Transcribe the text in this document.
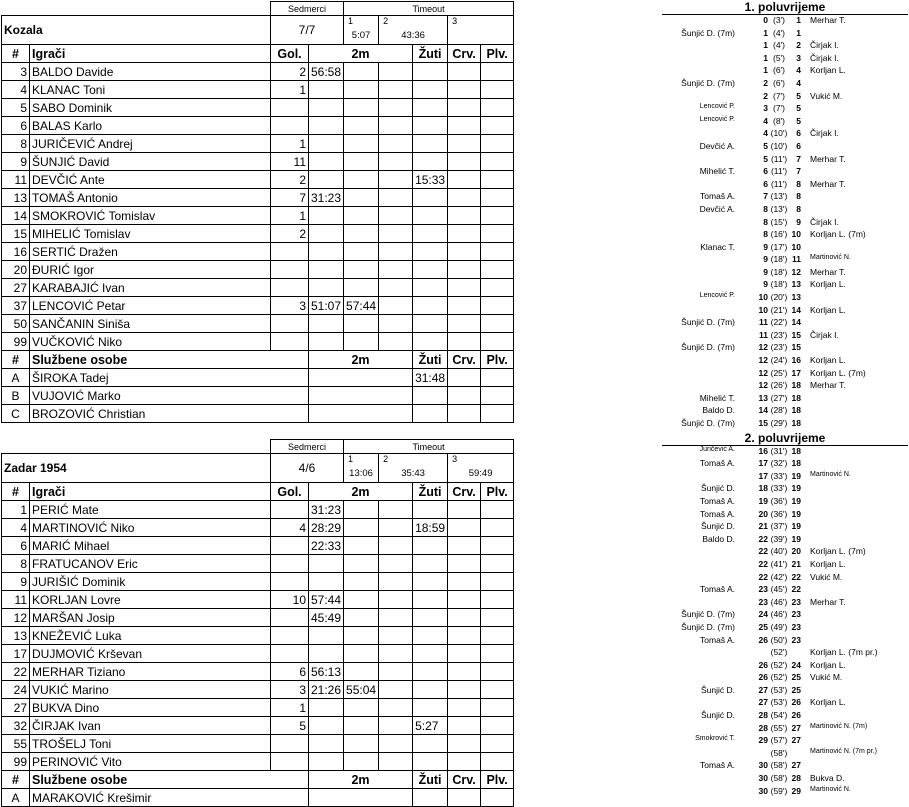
		Sedmerci		Timeout				
Kozala		7/7		1
5:07	2
43:36		3	

#	Igrači	Gol.	2m			Žuti	Crv.	Plv.
3	BALDO Davide	2	56:58					
4	KLANAC Toni	1						
5	SABO Dominik							
6	BALAS Karlo							
8	JURIČEVIĆ Andrej	1						
9	ŠUNJIĆ David	11						
11	DEVČIĆ Ante	2				15:33		
13	TOMAŠ Antonio	7	31:23					
14	SMOKROVIĆ Tomislav	1						
15	MIHELIĆ Tomislav	2						
16	SERTIĆ Dražen							
20	ĐURIĆ Igor							
27	KARABAJIĆ Ivan							
37	LENCOVIĆ Petar	3	51:07	57:44				
50	SANČANIN Siniša							
99	VUČKOVIĆ Niko							
#	Službene osobe		2m			Žuti	Crv.	Plv.
A	ŠIROKA Tadej					31:48		
B	VUJOVIĆ Marko							
C	BROZOVIĆ Christian							
		Sedmerci		Timeout				
Zadar 1954		4/6		1
13:06	2
35:43		3
59:49	

#	Igrači	Gol.	2m			Žuti	Crv.	Plv.
1	PERIĆ Mate		31:23					
4	MARTINOVIĆ Niko	4	28:29			18:59		
6	MARIĆ Mihael		22:33					
8	FRATUCANOV Eric							
9	JURIŠIĆ Dominik							
11	KORLJAN Lovre	10	57:44					
12	MARŠAN Josip		45:49					
13	KNEŽEVIĆ Luka							
17	DUJMOVIĆ Krševan							
22	MERHAR Tiziano	6	56:13					
24	VUKIĆ Marino	3	21:26	55:04				
27	BUKVA Dino	1						
32	ČIRJAK Ivan	5				5:27		
55	TROŠELJ Toni							
99	PERINOVIĆ Vito							
#	Službene osobe		2m			Žuti	Crv.	Plv.
A	MARAKOVIĆ Krešimir							
1. poluvrijeme
0 (3')	1 Merhar T.
Šunjić D. (7m)	1 (4')	1
1 (4')	2 Čirjak I.
1 (5')	3 Čirjak I.
1 (6')	4 Korljan L.
Šunjić D. (7m)	2 (6')	4
2 (7')	5 Vukić M.
Lencović P.	3 (7')	5
Lencović P.	4 (8')	5
4 (10')	6 Čirjak I.
Devčić A.	5 (10')	6
5 (11')	7 Merhar T.
Mihelić T.	6 (11')	7
6 (11')	8 Merhar T.
Tomaš A.	7 (13')	8
Devčić A.	8 (13')	8
8 (15')	9 Čirjak I.
8 (16') 10 Korljan L. (7m)
Klanac T.	9 (17') 10
9 (18') 11 Martinović N.
9 (18') 12 Merhar T.
9 (18') 13 Korljan L.
Lencović P.	10 (20') 13
10 (21') 14 Korljan L.
Šunjić D. (7m)	11 (22') 14
11 (23') 15 Čirjak I.
Šunjić D. (7m)	12 (23') 15
12 (24') 16 Korljan L.
12 (25') 17 Korljan L. (7m)
12 (26') 18 Merhar T.
Mihelić T.	13 (27') 18
Baldo D.	14 (28') 18
Šunjić D. (7m)	15 (29') 18
2. poluvrijeme
Juričević A.	16 (31') 18
Tomaš A.	17 (32') 18
17 (33') 19 Martinović N.
Šunjić D.	18 (33') 19
Tomaš A.	19 (36') 19
Tomaš A.	20 (36') 19
Šunjić D.	21 (37') 19
Baldo D.	22 (39') 19
22 (40') 20 Korljan L. (7m)
22 (41') 21 Korljan L.
22 (42') 22 Vukić M.
Tomaš A.	23 (45') 22
23 (46') 23 Merhar T.
Šunjić D. (7m)	24 (46') 23
Šunjić D. (7m)	25 (49') 23
Tomaš A.	26 (50') 23
(52')	Korljan L. (7m pr.)
26 (52') 24 Korljan L.
26 (52') 25 Vukić M.
Šunjić D.	27 (53') 25
27 (53') 26 Korljan L.
Šunjić D.	28 (54') 26
28 (55') 27 Martinović N. (7m)
Smokrović T.	29 (57') 27
(58')	Martinović N. (7m pr.)
Tomaš A.	30 (58') 27
30 (58') 28 Bukva D.
30 (59') 29 Martinović N.
